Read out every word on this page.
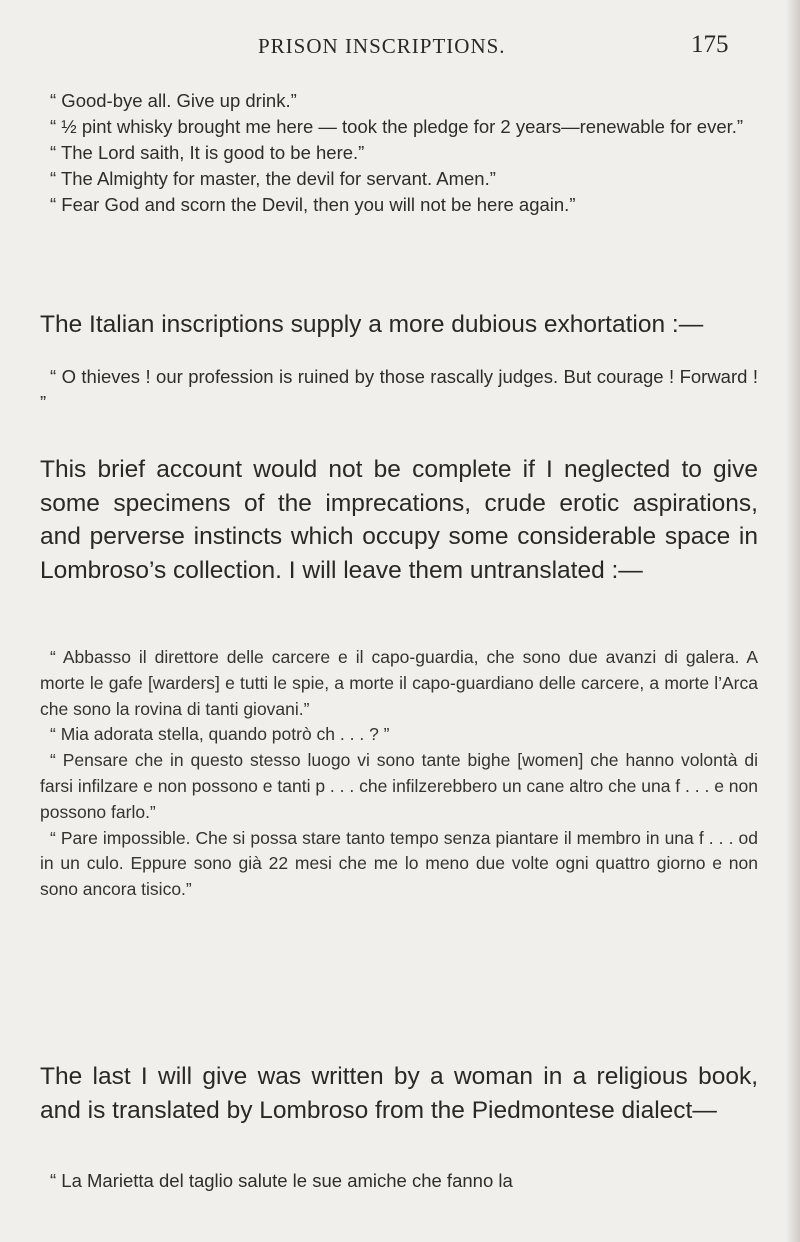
PRISON INSCRIPTIONS.	175

“ Good-bye all. Give up drink.”

“ ½ pint whisky brought me here — took the pledge for 2 years—renewable for ever.”

“ The Lord saith, It is good to be here.”

“ The Almighty for master, the devil for servant. Amen.”

“ Fear God and scorn the Devil, then you will not be here again.”

The Italian inscriptions supply a more dubious exhortation :—

“ O thieves ! our profession is ruined by those rascally judges. But courage ! Forward ! ”

This brief account would not be complete if I neglected to give some specimens of the imprecations, crude erotic aspirations, and perverse instincts which occupy some considerable space in Lombroso’s collection. I will leave them untranslated :—

“ Abbasso il direttore delle carcere e il capo-guardia, che sono due avanzi di galera. A morte le gafe [warders] e tutti le spie, a morte il capo-guardiano delle carcere, a morte l’Arca che sono la rovina di tanti giovani.”

“ Mia adorata stella, quando potrò ch . . . ? ”

“ Pensare che in questo stesso luogo vi sono tante bighe [women] che hanno volontà di farsi infilzare e non possono e tanti p . . . che infilzerebbero un cane altro che una f . . . e non possono farlo.”

“ Pare impossible. Che si possa stare tanto tempo senza piantare il membro in una f . . . od in un culo. Eppure sono già 22 mesi che me lo meno due volte ogni quattro giorno e non sono ancora tisico.”

The last I will give was written by a woman in a religious book, and is translated by Lombroso from the Piedmontese dialect—

“ La Marietta del taglio salute le sue amiche che fanno la
